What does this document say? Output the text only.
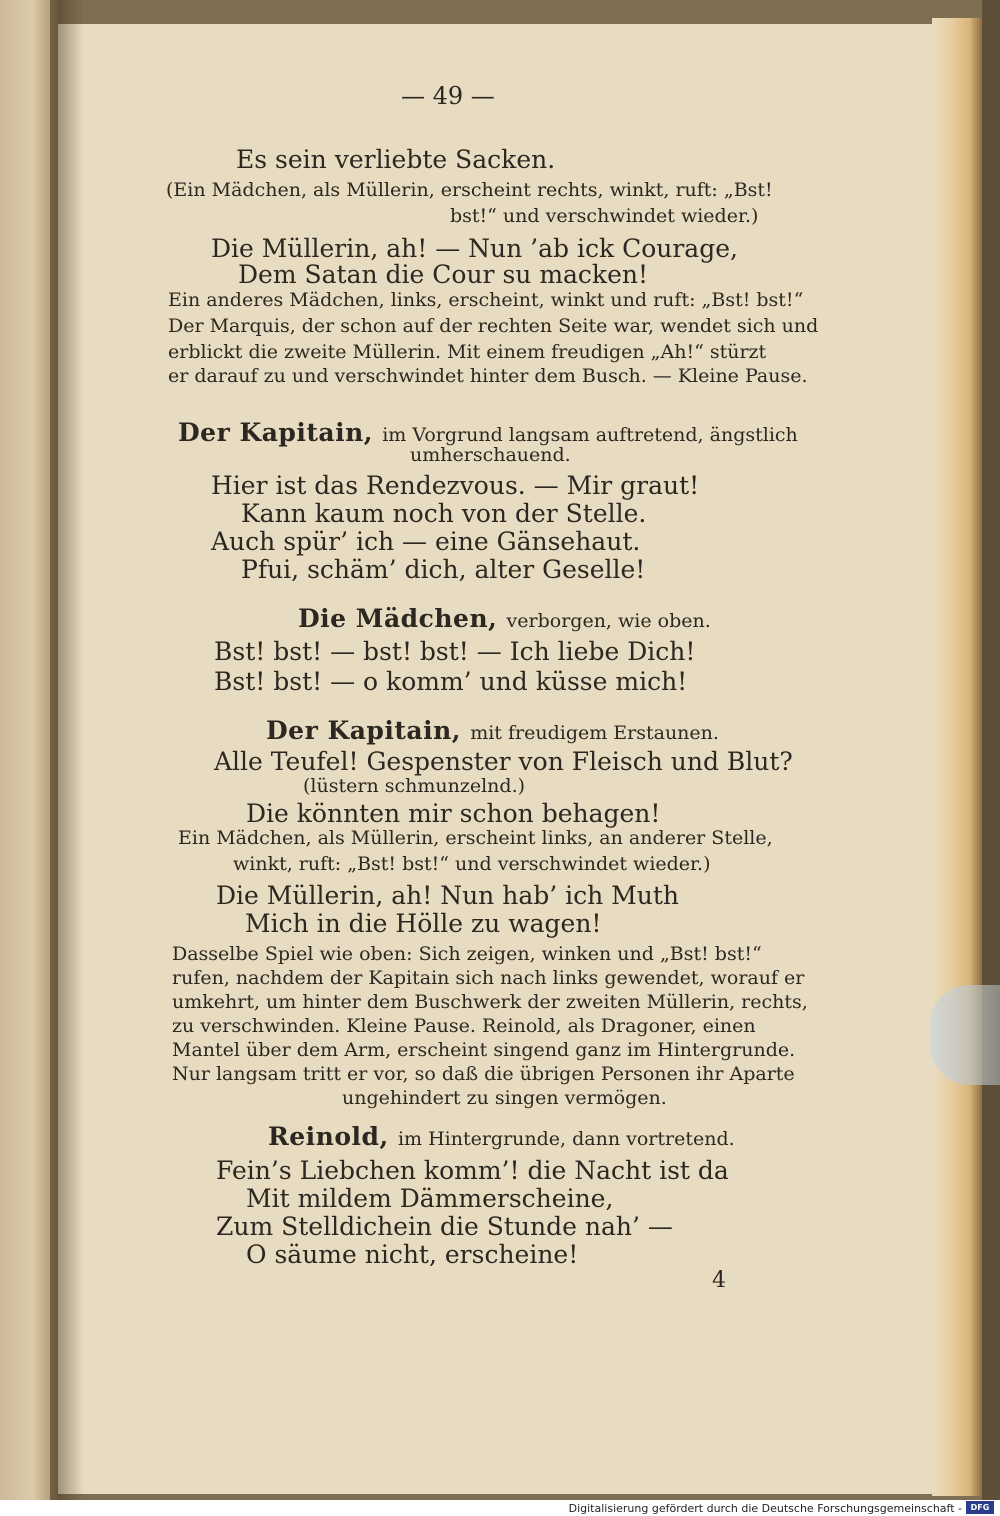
— 49 —
Es sein verliebte Sacken.
(Ein Mädchen, als Müllerin, erscheint rechts, winkt, ruft: „Bst!
bst!“ und verschwindet wieder.)
Die Müllerin, ah! — Nun ’ab ick Courage,
Dem Satan die Cour su macken!
Ein anderes Mädchen, links, erscheint, winkt und ruft: „Bst! bst!“
Der Marquis, der schon auf der rechten Seite war, wendet sich und
erblickt die zweite Müllerin. Mit einem freudigen „Ah!“ stürzt
er darauf zu und verschwindet hinter dem Busch. — Kleine Pause.
Der Kapitain, im Vorgrund langsam auftretend, ängstlich
umherschauend.
Hier ist das Rendezvous. — Mir graut!
Kann kaum noch von der Stelle.
Auch spür’ ich — eine Gänsehaut.
Pfui, schäm’ dich, alter Geselle!
Die Mädchen, verborgen, wie oben.
Bst! bst! — bst! bst! — Ich liebe Dich!
Bst! bst! — o komm’ und küsse mich!
Der Kapitain, mit freudigem Erstaunen.
Alle Teufel! Gespenster von Fleisch und Blut?
(lüstern schmunzelnd.)
Die könnten mir schon behagen!
Ein Mädchen, als Müllerin, erscheint links, an anderer Stelle,
winkt, ruft: „Bst! bst!“ und verschwindet wieder.)
Die Müllerin, ah! Nun hab’ ich Muth
Mich in die Hölle zu wagen!
Dasselbe Spiel wie oben: Sich zeigen, winken und „Bst! bst!“
rufen, nachdem der Kapitain sich nach links gewendet, worauf er
umkehrt, um hinter dem Buschwerk der zweiten Müllerin, rechts,
zu verschwinden. Kleine Pause. Reinold, als Dragoner, einen
Mantel über dem Arm, erscheint singend ganz im Hintergrunde.
Nur langsam tritt er vor, so daß die übrigen Personen ihr Aparte
ungehindert zu singen vermögen.
Reinold, im Hintergrunde, dann vortretend.
Fein’s Liebchen komm’! die Nacht ist da
Mit mildem Dämmerscheine,
Zum Stelldichein die Stunde nah’ —
O säume nicht, erscheine!
4
Digitalisierung gefördert durch die Deutsche Forschungsgemeinschaft -	DFG
